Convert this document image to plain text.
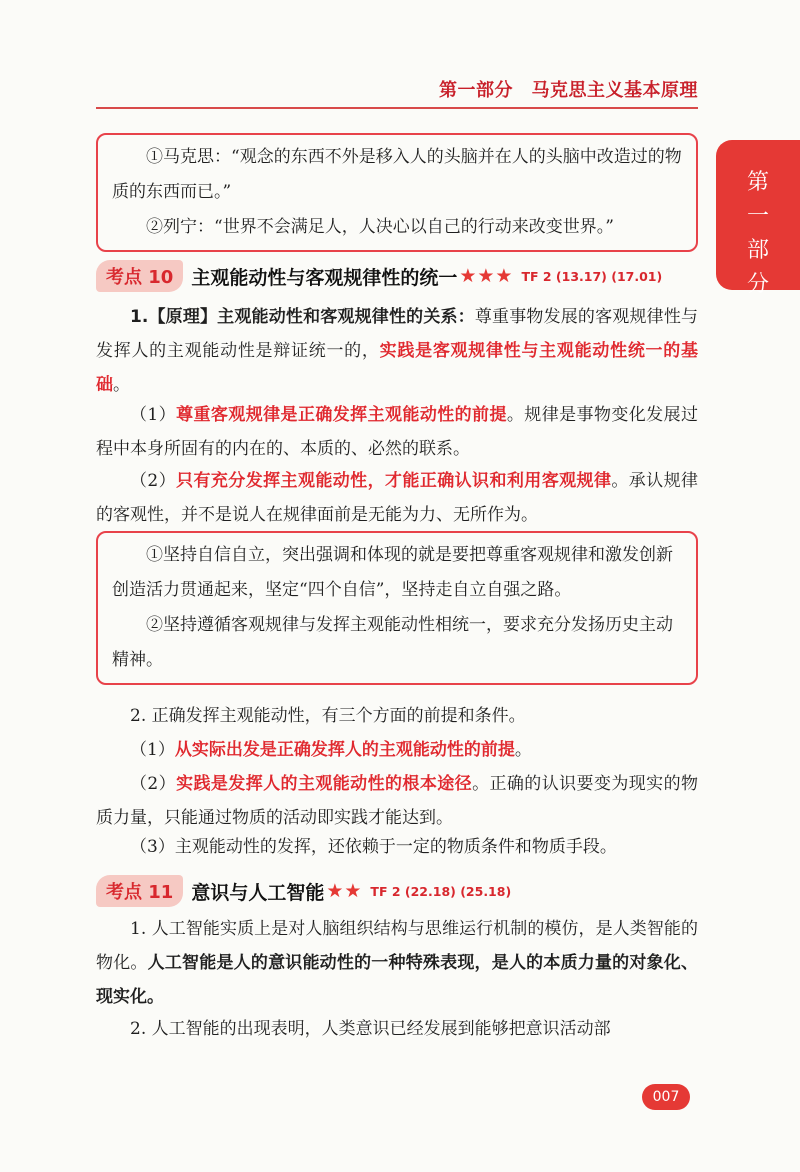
第一部分　马克思主义基本原理
第
一
部
分

①马克思：“观念的东西不外是移入人的头脑并在人的头脑中改造过的物质的东西而已。”

②列宁：“世界不会满足人，人决心以自己的行动来改变世界。”

考点 10 主观能动性与客观规律性的统一 ★★★ TF 2 (13.17) (17.01)

1.【原理】主观能动性和客观规律性的关系：尊重事物发展的客观规律性与发挥人的主观能动性是辩证统一的，实践是客观规律性与主观能动性统一的基础。

（1）尊重客观规律是正确发挥主观能动性的前提。规律是事物变化发展过程中本身所固有的内在的、本质的、必然的联系。

（2）只有充分发挥主观能动性，才能正确认识和利用客观规律。承认规律的客观性，并不是说人在规律面前是无能为力、无所作为。

①坚持自信自立，突出强调和体现的就是要把尊重客观规律和激发创新创造活力贯通起来，坚定“四个自信”，坚持走自立自强之路。

②坚持遵循客观规律与发挥主观能动性相统一，要求充分发扬历史主动精神。

2. 正确发挥主观能动性，有三个方面的前提和条件。

（1）从实际出发是正确发挥人的主观能动性的前提。

（2）实践是发挥人的主观能动性的根本途径。正确的认识要变为现实的物质力量，只能通过物质的活动即实践才能达到。

（3）主观能动性的发挥，还依赖于一定的物质条件和物质手段。

考点 11 意识与人工智能 ★★ TF 2 (22.18) (25.18)

1. 人工智能实质上是对人脑组织结构与思维运行机制的模仿，是人类智能的物化。人工智能是人的意识能动性的一种特殊表现，是人的本质力量的对象化、现实化。

2. 人工智能的出现表明，人类意识已经发展到能够把意识活动部

007
